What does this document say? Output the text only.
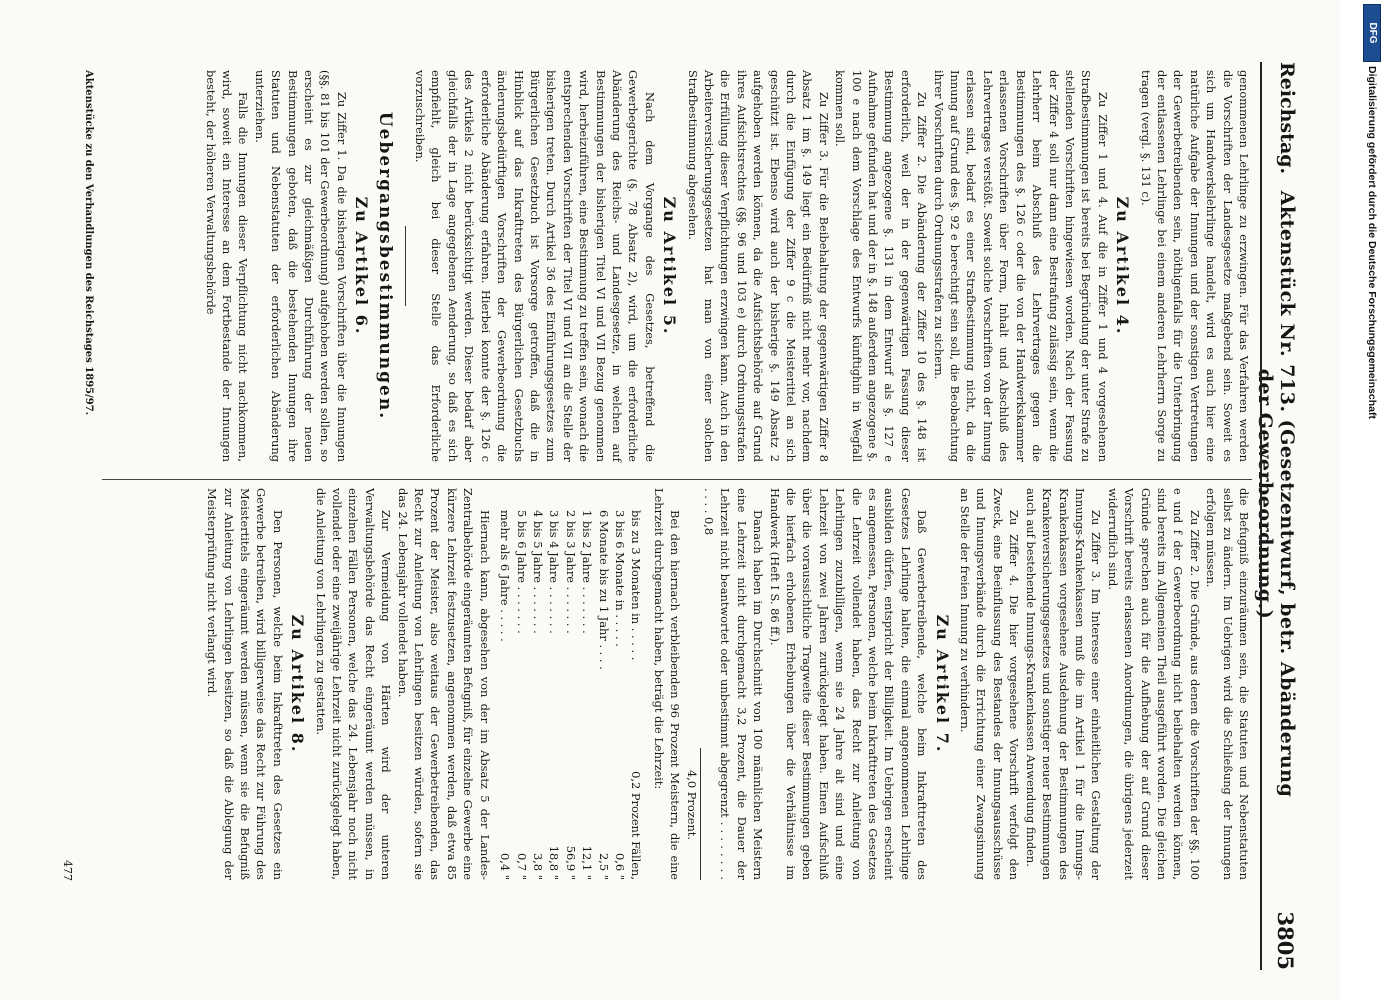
Reichstag.
Aktenstück Nr. 713. (Gesetzentwurf, betr. Abänderung der Gewerbeordnung.)
3805

genommenen Lehrlinge zu erzwingen. Für das Verfahren werden die Vorschriften der Landesgesetze maßgebend sein. Soweit es sich um Handwerkslehrlinge handelt, wird es auch hier eine natürliche Aufgabe der Innungen und der sonstigen Vertretungen der Gewerbetreibenden sein, nöthigenfalls für die Unterbringung der entlassenen Lehrlinge bei einem anderen Lehrherrn Sorge zu tragen (vergl. §. 131 c).

Zu Artikel 4.

Zu Ziffer 1 und 4. Auf die in Ziffer 1 und 4 vorgesehenen Strafbestimmungen ist bereits bei Begründung der unter Strafe zu stellenden Vorschriften hingewiesen worden. Nach der Fassung der Ziffer 4 soll nur dann eine Bestrafung zulässig sein, wenn die Lehrherr beim Abschluß des Lehrvertrages gegen die Bestimmungen des §. 126 c oder die von der Handwerkskammer erlassenen Vorschriften über Form, Inhalt und Abschluß des Lehrvertrages verstößt. Soweit solche Vorschriften von der Innung erlassen sind, bedarf es einer Strafbestimmung nicht, da die Innung auf Grund des §. 92 e berechtigt sein soll, die Beobachtung ihrer Vorschriften durch Ordnungsstrafen zu sichern.

Zu Ziffer 2. Die Abänderung der Ziffer 10 des §. 148 ist erforderlich, weil der in der gegenwärtigen Fassung dieser Bestimmung angezogene §. 131 in dem Entwurf als §. 127 e Aufnahme gefunden hat und der in §. 148 außerdem angezogene §. 100 e nach dem Vorschlage des Entwurfs künftighin in Wegfall kommen soll.

Zu Ziffer 3. Für die Beibehaltung der gegenwärtigen Ziffer 8 Absatz 1 im §. 149 liegt ein Bedürfniß nicht mehr vor, nachdem durch die Einfügung der Ziffer 9 c die Meisterittel an sich geschützt ist. Ebenso wird auch der bisherige §. 149 Absatz 2 aufgehoben werden können, da die Aufsichtsbehörde auf Grund ihres Aufsichtsrechtes (§§. 96 und 103 e) durch Ordnungsstrafen die Erfüllung dieser Verpflichtungen erzwingen kann. Auch in den Arbeiterversicherungsgesetzen hat man von einer solchen Strafbestimmung abgesehen.

Zu Artikel 5.

Nach dem Vorgange des Gesetzes, betreffend die Gewerbegerichte (§. 78 Absatz 2), wird, um die erforderliche Abänderung des Reichs- und Landesgesetze, in welchen auf Bestimmungen der bisherigen Titel VI und VII Bezug genommen wird, herbeizuführen, eine Bestimmung zu treffen sein, wonach die entsprechenden Vorschriften der Titel VI und VII an die Stelle der bisherigen treten. Durch Artikel 36 des Einführungsgesetzes zum Bürgerlichen Gesetzbuch ist Vorsorge getroffen, daß die in Hinblick auf das Inkrafttreten des Bürgerlichen Gesetzbuchs änderungsbedürftigen Vorschriften der Gewerbeordnung die erforderliche Abänderung erfahren. Hierbei konnte der §. 126 c des Artikels 2 nicht berücksichtigt werden. Dieser bedarf aber gleichfalls der in Lage angegebenen Aenderung, so daß es sich empfiehlt, gleich bei dieser Stelle das Erforderliche vorzuschreiben.

Uebergangsbestimmungen.
Zu Artikel 6.

Zu Ziffer 1. Da die bisherigen Vorschriften über die Innungen (§§. 81 bis 101 der Gewerbeordnung) aufgehoben werden sollen, so erscheint es zur gleichmäßigen Durchführung der neuen Bestimmungen geboten, daß die bestehenden Innungen ihre Statuten und Nebenstatuten der erforderlichen Abänderung unterziehen.

Falls die Innungen dieser Verpflichtung nicht nachkommen, wird, soweit ein Interesse an dem Fortbestande der Innungen besteht, der höheren Verwaltungsbehörde

die Befugniß einzuräumen sein, die Statuten und Nebenstatuten selbst zu ändern. Im Uebrigen wird die Schließung der Innungen erfolgen müssen.

Zu Ziffer 2. Die Gründe, aus denen die Vorschriften der §§. 100 e und f der Gewerbeordnung nicht beibehalten werden können, sind bereits im Allgemeinen Theil ausgeführt worden. Die gleichen Gründe sprechen auch für die Aufhebung der auf Grund dieser Vorschrift bereits erlassenen Anordnungen, die übrigens jederzeit widerruflich sind.

Zu Ziffer 3. Im Interesse einer einheitlichen Gestaltung der Innungs-Krankenkassen muß die im Artikel 1 für die Innungs-Krankenkassen vorgesehene Ausdehnung der Bestimmungen des Krankenversicherungsgesetzes und sonstiger neuer Bestimmungen auch auf bestehende Innungs-Krankenkassen Anwendung finden.

Zu Ziffer 4. Die hier vorgesehene Vorschrift verfolgt den Zweck, eine Beeinflussung des Bestandes der Innungsausschüsse und Innungsverbände durch die Errichtung einer Zwangsinnung an Stelle der freien Innung zu verhindern.

Zu Artikel 7.

Daß Gewerbetreibende, welche beim Inkrafttreten des Gesetzes Lehrlinge halten, die einmal angenommenen Lehrlinge ausbilden dürfen, entspricht der Billigkeit. Im Uebrigen erscheint es angemessen, Personen, welche beim Inkrafttreten des Gesetzes die Lehrzeit vollendet haben, das Recht zur Anleitung von Lehrlingen zuzubilligen, wenn sie 24 Jahre alt sind und eine Lehrzeit von zwei Jahren zurückgelegt haben. Einen Aufschluß über die voraussichtliche Tragweite dieser Bestimmungen geben die hierfach erhobenen Erhebungen über die Verhältnisse im Handwerk (Heft I S. 86 ff.).

Danach haben im Durchschnitt von 100 männlichen Meistern eine Lehrzeit nicht durchgemacht 3,2 Prozent, die Dauer der Lehrzeit nicht beantwortet oder unbestimmt abgegrenzt . . . . . . . . . . . . 0,8

4,0 Prozent.

Bei den hiernach verbleibenden 96 Prozent Meistern, die eine Lehrzeit durchgemacht haben, beträgt die Lehrzeit:

bis zu 3 Monaten in . . . . .
0,2 Prozent Fällen,
3 bis 6 Monate in . . . . .
0,6 "
6 Monate bis zu 1 Jahr . . . .
2,5 "
1 bis 2 Jahre . . . . . . .
12,1 "
2 bis 3 Jahre . . . . . . .
56,9 "
3 bis 4 Jahre . . . . . . .
18,8 "
4 bis 5 Jahre . . . . . . .
3,8 "
5 bis 6 Jahre . . . . . . .
0,7 "
mehr als 6 Jahre . . . . .
0,4 "

Hiernach kann, abgesehen von der im Absatz 5 der Landes-Zentralbehörde eingeräumten Befugniß, für einzelne Gewerbe eine kürzere Lehrzeit festzusetzen, angenommen werden, daß etwa 85 Prozent der Meister, also weitaus der Gewerbetreibenden, das Recht zur Anleitung von Lehrlingen besitzen würden, sofern sie das 24. Lebensjahr vollendet haben.

Zur Vermeidung von Härten wird der unteren Verwaltungsbehörde das Recht eingeräumt werden müssen, in einzelnen Fällen Personen, welche das 24. Lebensjahr noch nicht vollendet oder eine zweijährige Lehrzeit nicht zurückgelegt haben, die Anleitung von Lehrlingen zu gestatten.

Zu Artikel 8.

Den Personen, welche beim Inkrafttreten des Gesetzes ein Gewerbe betreiben, wird billigerweise das Recht zur Führung des Meistertitels eingeräumt werden müssen, wenn sie die Befugniß zur Anleitung von Lehrlingen besitzen, so daß die Ablegung der Meisterprüfung nicht verlangt wird.

Aktenstücke zu den Verhandlungen des Reichstages 1895/97.
477
DFG
Digitalisierung gefördert durch die Deutsche Forschungsgemeinschaft
